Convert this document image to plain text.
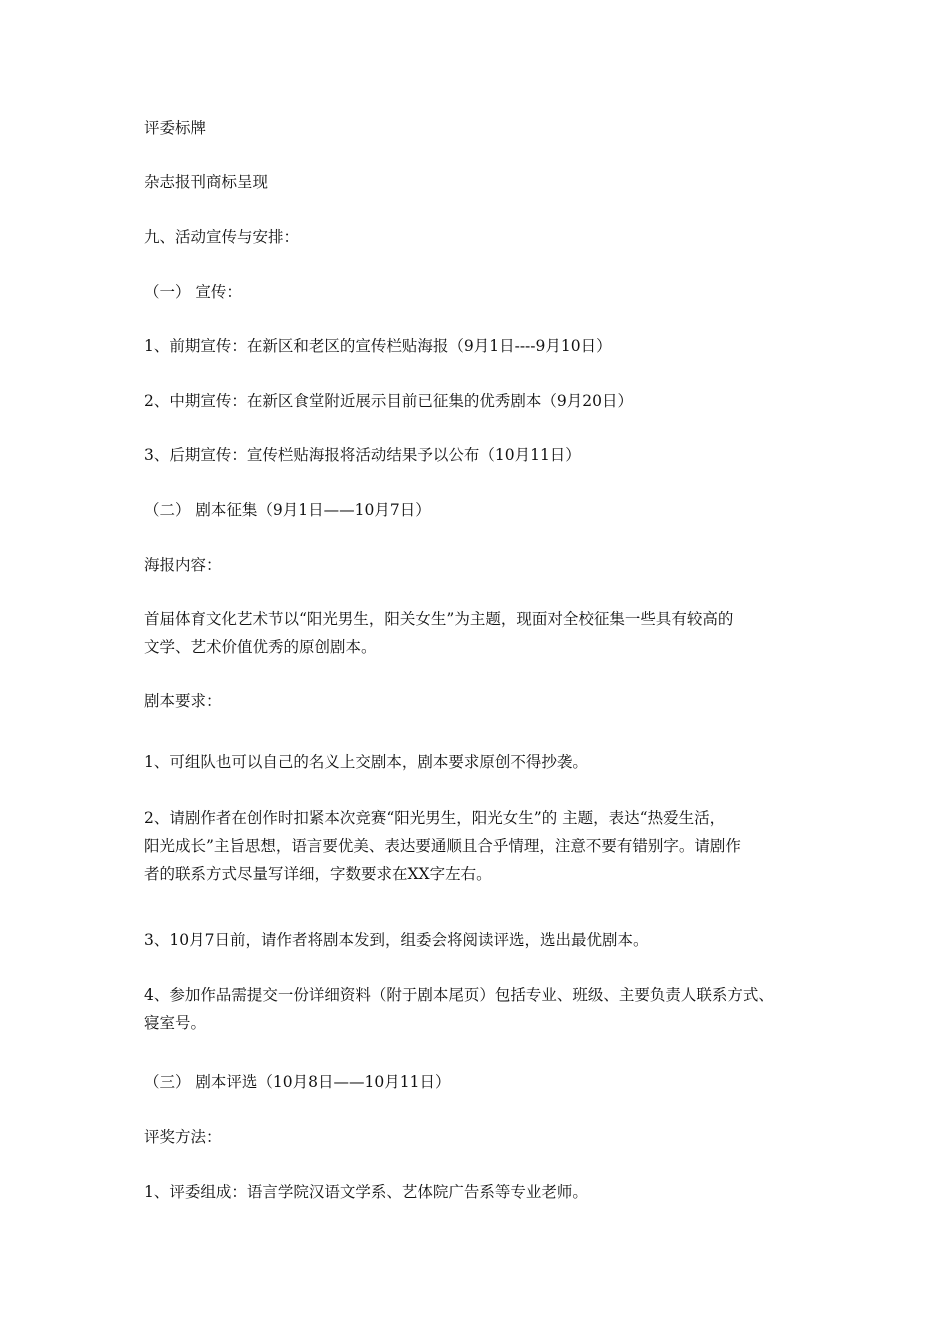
评委标牌
杂志报刊商标呈现
九、活动宣传与安排：
（一） 宣传：
1、前期宣传：在新区和老区的宣传栏贴海报（9月1日----9月10日）
2、中期宣传：在新区食堂附近展示目前已征集的优秀剧本（9月20日）
3、后期宣传：宣传栏贴海报将活动结果予以公布（10月11日）
（二） 剧本征集（9月1日——10月7日）
海报内容：
首届体育文化艺术节以“阳光男生，阳关女生”为主题，现面对全校征集一些具有较高的
文学、艺术价值优秀的原创剧本。
剧本要求：
1、可组队也可以自己的名义上交剧本，剧本要求原创不得抄袭。
2、请剧作者在创作时扣紧本次竞赛“阳光男生，阳光女生”的 主题，表达“热爱生活，
阳光成长”主旨思想，语言要优美、表达要通顺且合乎情理，注意不要有错别字。请剧作
者的联系方式尽量写详细，字数要求在XX字左右。
3、10月7日前，请作者将剧本发到，组委会将阅读评选，选出最优剧本。
4、参加作品需提交一份详细资料（附于剧本尾页）包括专业、班级、主要负责人联系方式、
寝室号。
（三） 剧本评选（10月8日——10月11日）
评奖方法：
1、评委组成：语言学院汉语文学系、艺体院广告系等专业老师。
